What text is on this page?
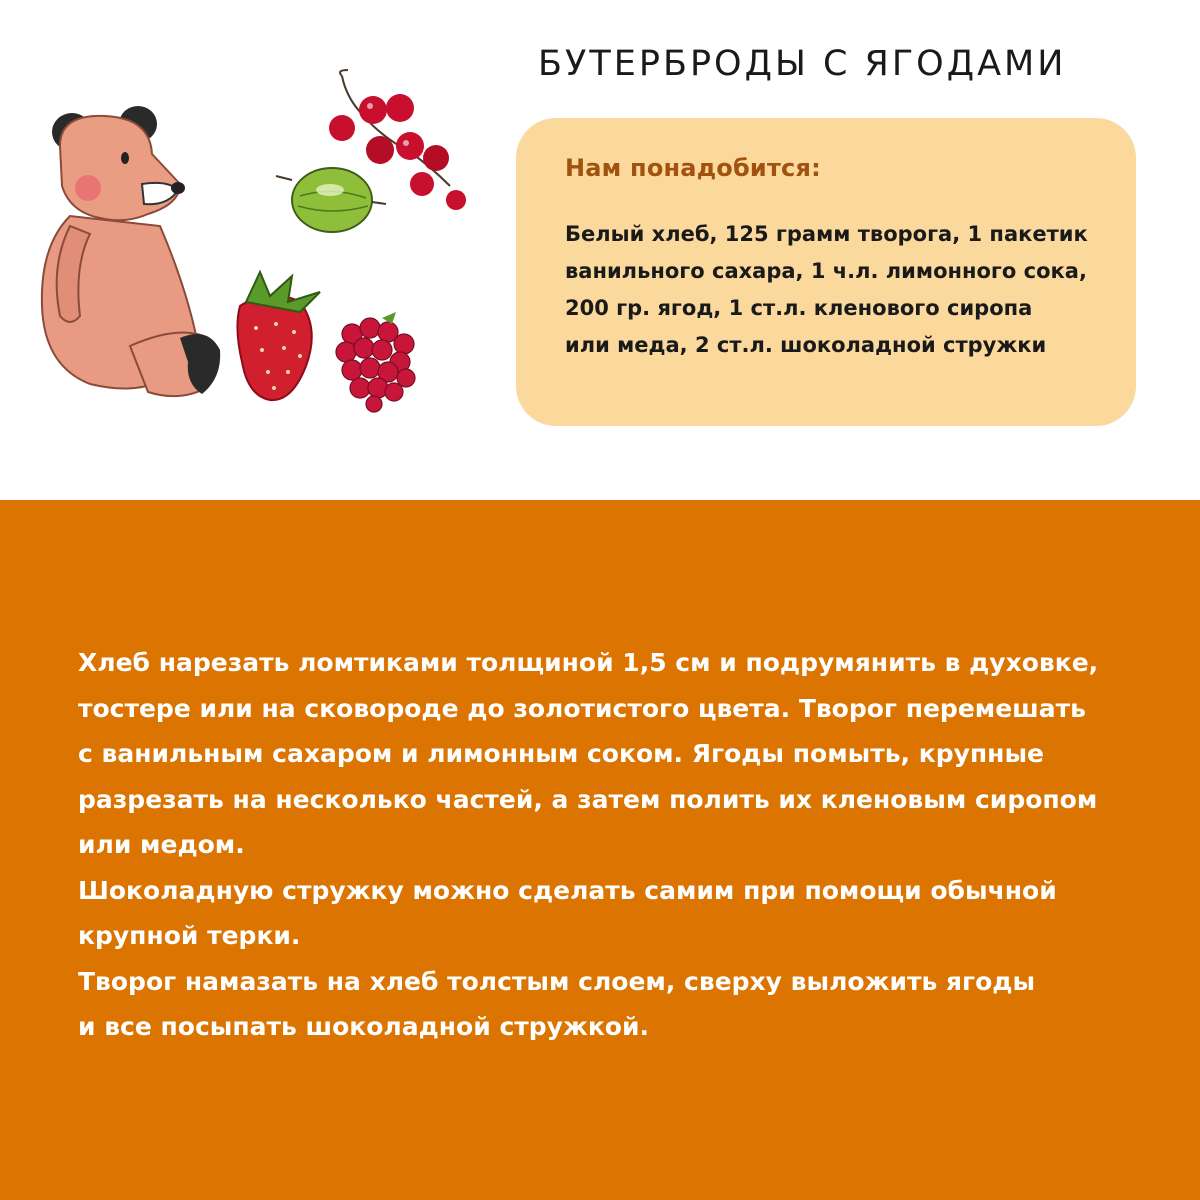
БУТЕРБРОДЫ С ЯГОДАМИ
Нам понадобится:
Белый хлеб, 125 грамм творога, 1 пакетик
ванильного сахара, 1 ч.л. лимонного сока,
200 гр. ягод, 1 ст.л. кленового сиропа
или меда, 2 ст.л. шоколадной стружки
Хлеб нарезать ломтиками толщиной 1,5 см и подрумянить в духовке,
тостере или на сковороде до золотистого цвета. Творог перемешать
с ванильным сахаром и лимонным соком. Ягоды помыть, крупные
разрезать на несколько частей, а затем полить их кленовым сиропом
или медом.
Шоколадную стружку можно сделать самим при помощи обычной
крупной терки.
Творог намазать на хлеб толстым слоем, сверху выложить ягоды
и все посыпать шоколадной стружкой.
